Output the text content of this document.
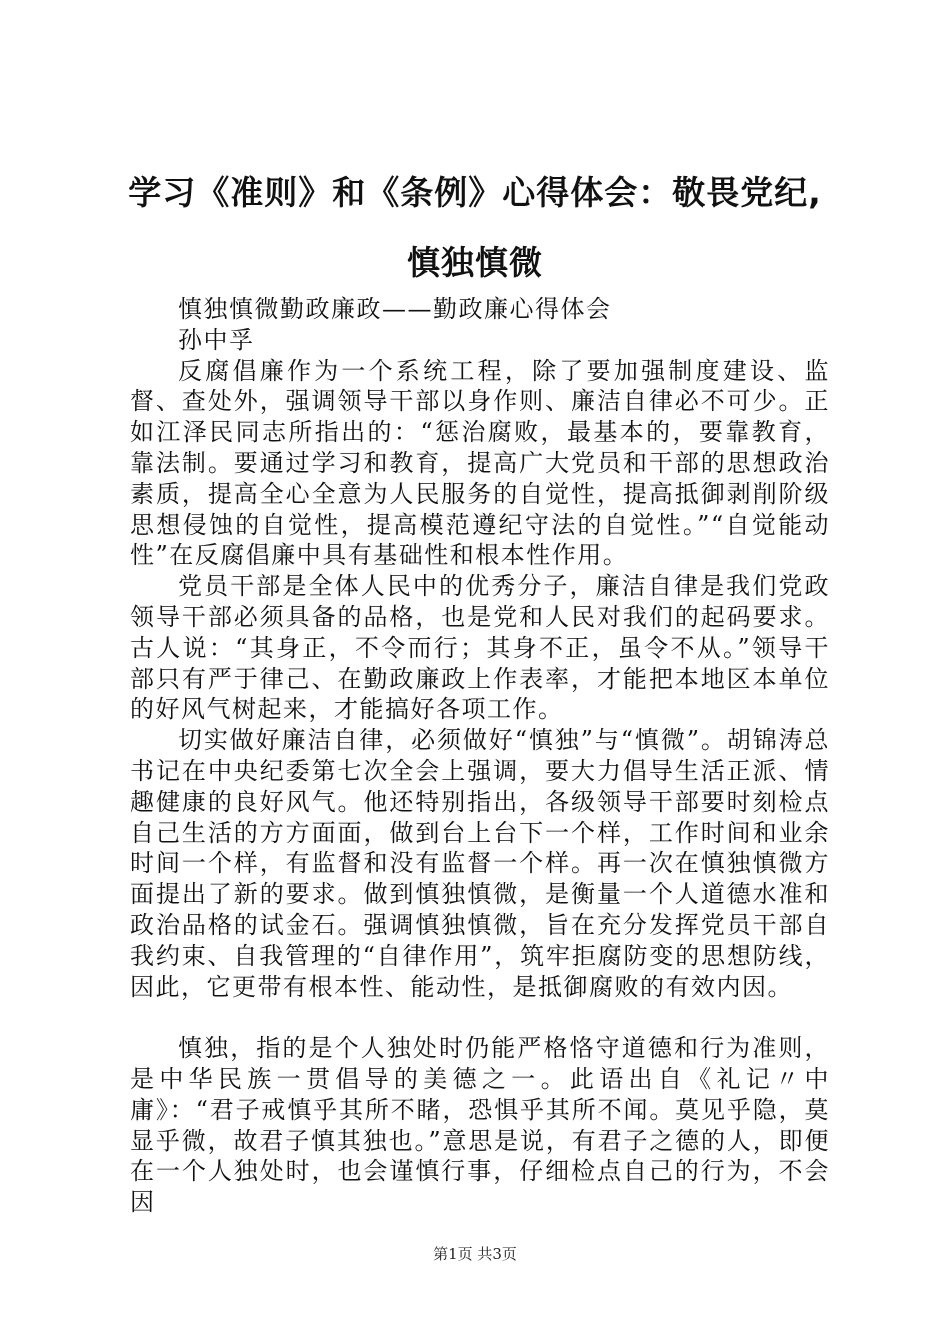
学习《准则》和《条例》心得体会：敬畏党纪,
慎独慎微

慎独慎微勤政廉政——勤政廉心得体会

孙中孚

反腐倡廉作为一个系统工程，除了要加强制度建设、监督、查处外，强调领导干部以身作则、廉洁自律必不可少。正如江泽民同志所指出的：“惩治腐败，最基本的，要靠教育，靠法制。要通过学习和教育，提高广大党员和干部的思想政治素质，提高全心全意为人民服务的自觉性，提高抵御剥削阶级思想侵蚀的自觉性，提高模范遵纪守法的自觉性。”“自觉能动性”在反腐倡廉中具有基础性和根本性作用。

党员干部是全体人民中的优秀分子，廉洁自律是我们党政领导干部必须具备的品格，也是党和人民对我们的起码要求。古人说：“其身正，不令而行；其身不正，虽令不从。”领导干部只有严于律己、在勤政廉政上作表率，才能把本地区本单位的好风气树起来，才能搞好各项工作。

切实做好廉洁自律，必须做好“慎独”与“慎微”。胡锦涛总书记在中央纪委第七次全会上强调，要大力倡导生活正派、情趣健康的良好风气。他还特别指出，各级领导干部要时刻检点自己生活的方方面面，做到台上台下一个样，工作时间和业余时间一个样，有监督和没有监督一个样。再一次在慎独慎微方面提出了新的要求。做到慎独慎微，是衡量一个人道德水准和政治品格的试金石。强调慎独慎微，旨在充分发挥党员干部自我约束、自我管理的“自律作用”，筑牢拒腐防变的思想防线，因此，它更带有根本性、能动性，是抵御腐败的有效内因。

慎独，指的是个人独处时仍能严格恪守道德和行为准则，是中华民族一贯倡导的美德之一。此语出自《礼记〃中庸》：“君子戒慎乎其所不睹，恐惧乎其所不闻。莫见乎隐，莫显乎微，故君子慎其独也。”意思是说，有君子之德的人，即便在一个人独处时，也会谨慎行事，仔细检点自己的行为，不会因

第1页 共3页
